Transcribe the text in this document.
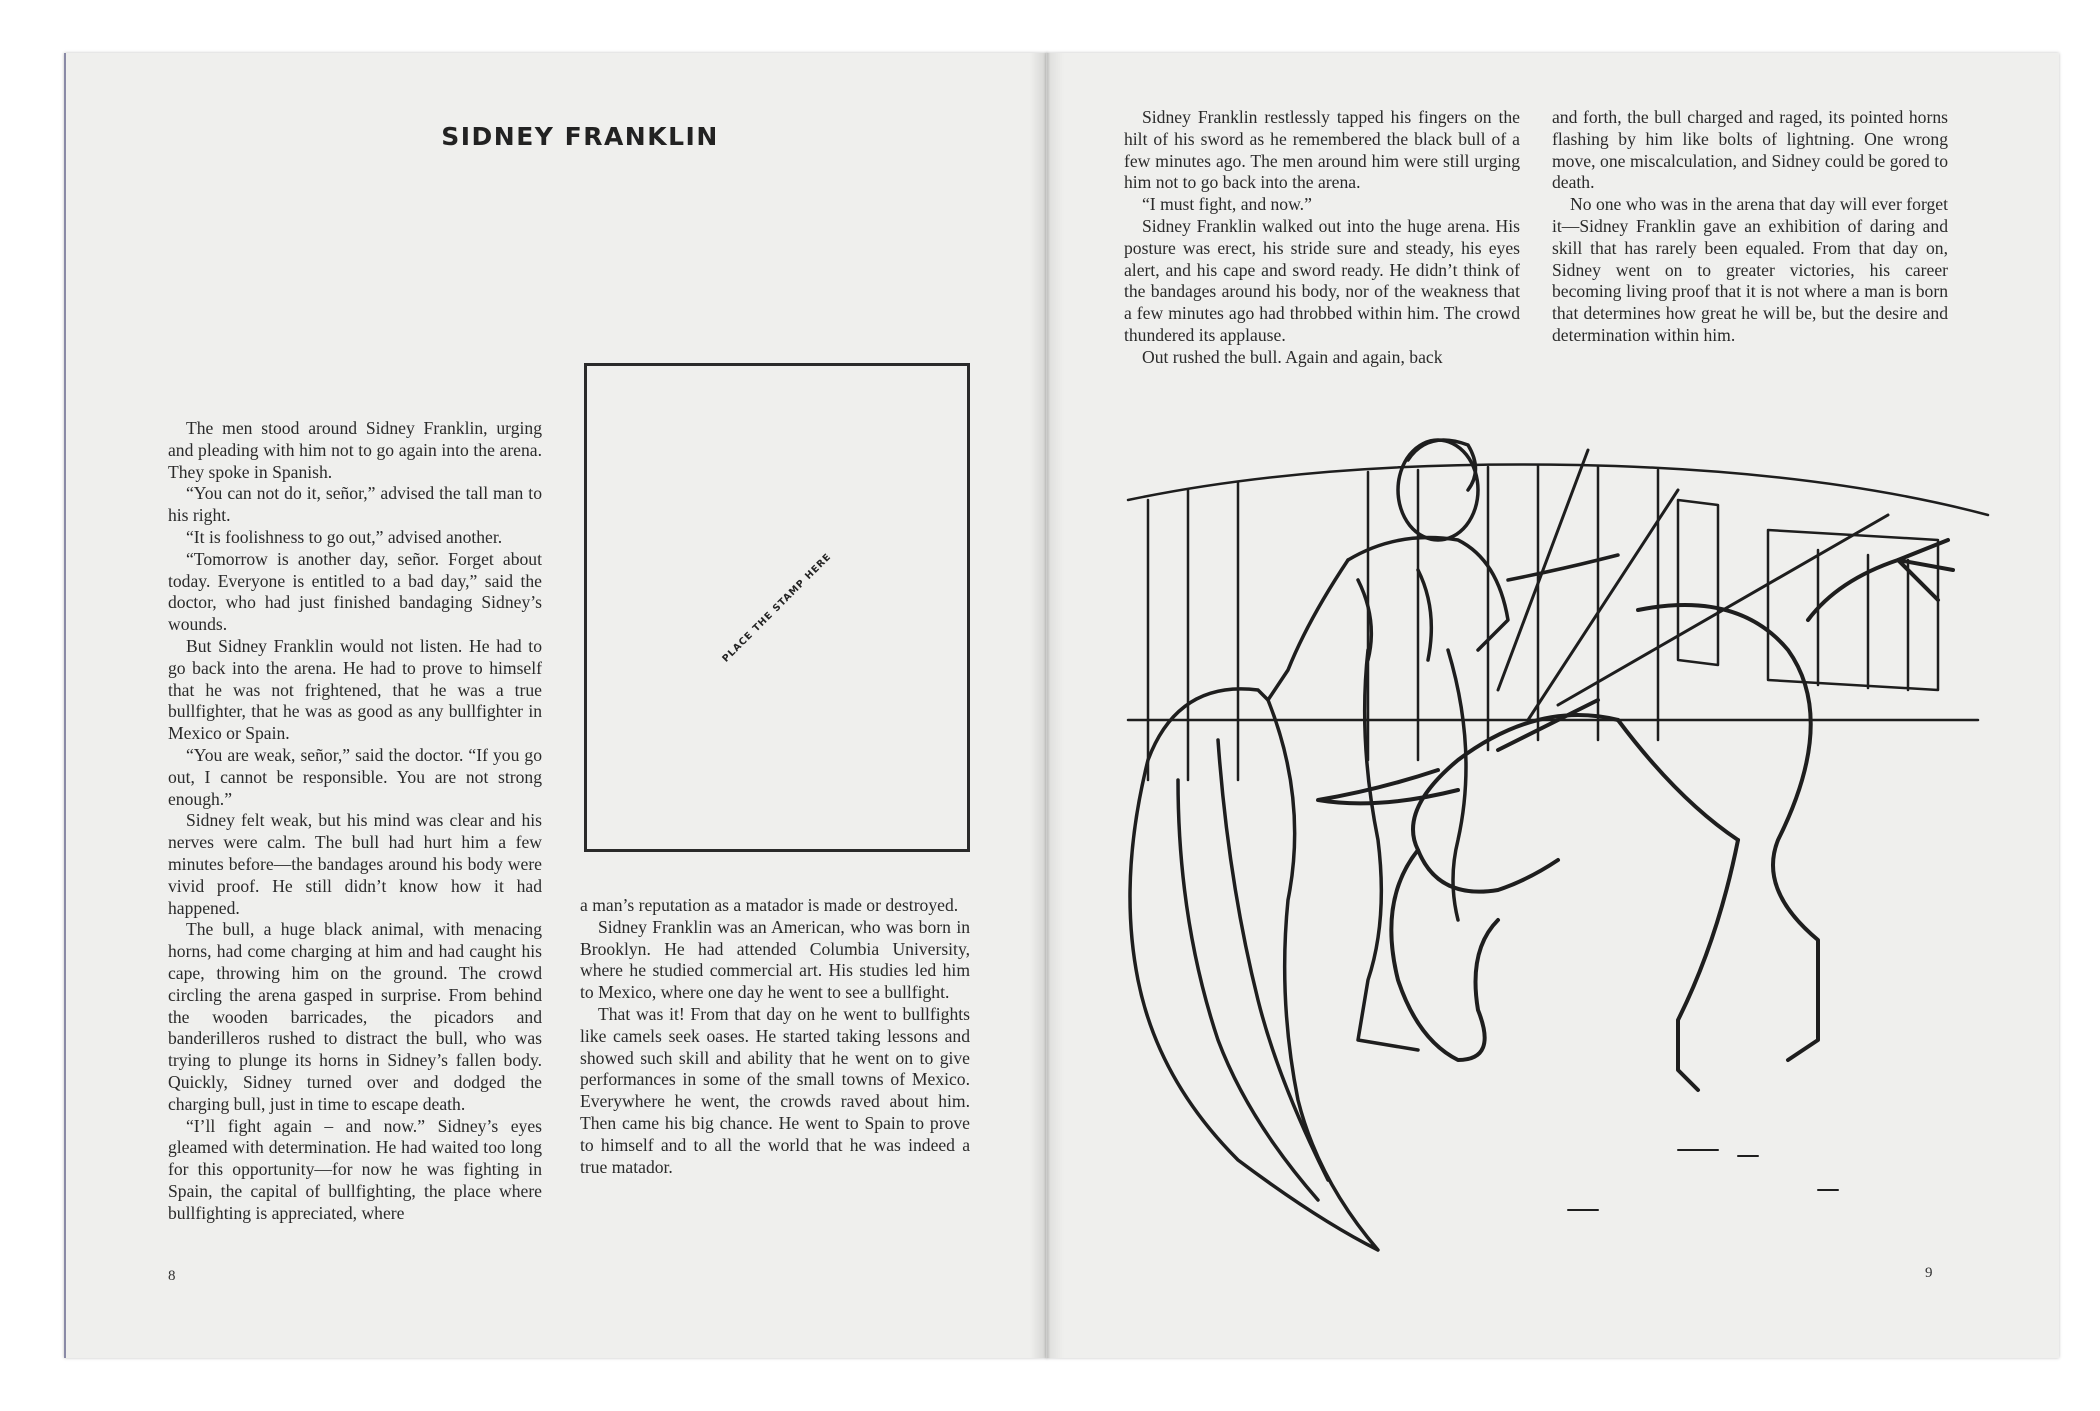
SIDNEY FRANKLIN

The men stood around Sidney Franklin, urging and pleading with him not to go again into the arena. They spoke in Spanish.

“You can not do it, señor,” advised the tall man to his right.

“It is foolishness to go out,” advised another.

“Tomorrow is another day, señor. Forget about today. Everyone is entitled to a bad day,” said the doctor, who had just finished bandaging Sidney’s wounds.

But Sidney Franklin would not listen. He had to go back into the arena. He had to prove to himself that he was not frightened, that he was a true bullfighter, that he was as good as any bullfighter in Mexico or Spain.

“You are weak, señor,” said the doctor. “If you go out, I cannot be responsible. You are not strong enough.”

Sidney felt weak, but his mind was clear and his nerves were calm. The bull had hurt him a few minutes before—the bandages around his body were vivid proof. He still didn’t know how it had happened.

The bull, a huge black animal, with menacing horns, had come charging at him and had caught his cape, throwing him on the ground. The crowd circling the arena gasped in surprise. From behind the wooden barricades, the picadors and banderilleros rushed to distract the bull, who was trying to plunge its horns in Sidney’s fallen body. Quickly, Sidney turned over and dodged the charging bull, just in time to escape death.

“I’ll fight again – and now.” Sidney’s eyes gleamed with determination. He had waited too long for this opportunity—for now he was fighting in Spain, the capital of bullfighting, the place where bullfighting is appreciated, where

PLACE THE STAMP HERE

a man’s reputation as a matador is made or destroyed.

Sidney Franklin was an American, who was born in Brooklyn. He had attended Columbia University, where he studied commercial art. His studies led him to Mexico, where one day he went to see a bullfight.

That was it! From that day on he went to bullfights like camels seek oases. He started taking lessons and showed such skill and ability that he went on to give performances in some of the small towns of Mexico. Everywhere he went, the crowds raved about him. Then came his big chance. He went to Spain to prove to himself and to all the world that he was indeed a true matador.

8

Sidney Franklin restlessly tapped his fingers on the hilt of his sword as he remembered the black bull of a few minutes ago. The men around him were still urging him not to go back into the arena.

“I must fight, and now.”

Sidney Franklin walked out into the huge arena. His posture was erect, his stride sure and steady, his eyes alert, and his cape and sword ready. He didn’t think of the bandages around his body, nor of the weakness that a few minutes ago had throbbed within him. The crowd thundered its applause.

Out rushed the bull. Again and again, back

and forth, the bull charged and raged, its pointed horns flashing by him like bolts of lightning. One wrong move, one miscalculation, and Sidney could be gored to death.

No one who was in the arena that day will ever forget it—Sidney Franklin gave an exhibition of daring and skill that has rarely been equaled. From that day on, Sidney went on to greater victories, his career becoming living proof that it is not where a man is born that determines how great he will be, but the desire and determination within him.

9
